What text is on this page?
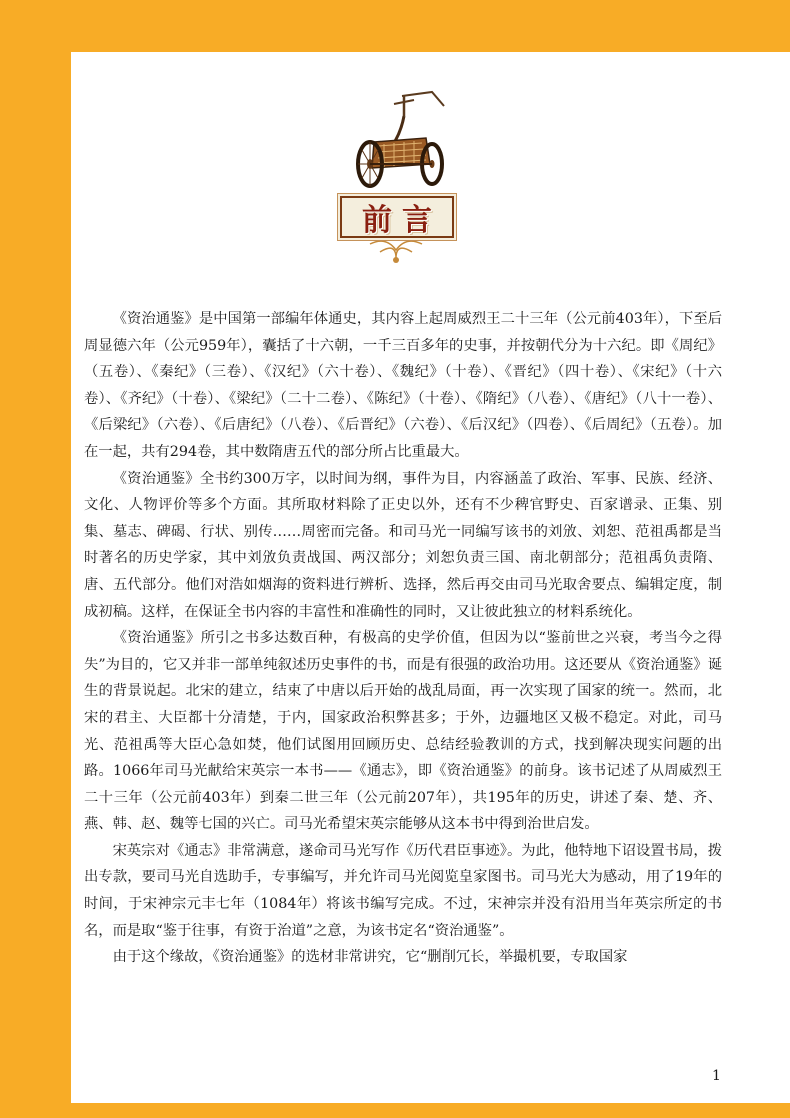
前言

《资治通鉴》是中国第一部编年体通史，其内容上起周威烈王二十三年（公元前403年），下至后周显德六年（公元959年），囊括了十六朝，一千三百多年的史事，并按朝代分为十六纪。即《周纪》（五卷）、《秦纪》（三卷）、《汉纪》（六十卷）、《魏纪》（十卷）、《晋纪》（四十卷）、《宋纪》（十六卷）、《齐纪》（十卷）、《梁纪》（二十二卷）、《陈纪》（十卷）、《隋纪》（八卷）、《唐纪》（八十一卷）、《后梁纪》（六卷）、《后唐纪》（八卷）、《后晋纪》（六卷）、《后汉纪》（四卷）、《后周纪》（五卷）。加在一起，共有294卷，其中数隋唐五代的部分所占比重最大。

《资治通鉴》全书约300万字，以时间为纲，事件为目，内容涵盖了政治、军事、民族、经济、文化、人物评价等多个方面。其所取材料除了正史以外，还有不少稗官野史、百家谱录、正集、别集、墓志、碑碣、行状、别传……周密而完备。和司马光一同编写该书的刘攽、刘恕、范祖禹都是当时著名的历史学家，其中刘攽负责战国、两汉部分；刘恕负责三国、南北朝部分；范祖禹负责隋、唐、五代部分。他们对浩如烟海的资料进行辨析、选择，然后再交由司马光取舍要点、编辑定度，制成初稿。这样，在保证全书内容的丰富性和准确性的同时，又让彼此独立的材料系统化。

《资治通鉴》所引之书多达数百种，有极高的史学价值，但因为以“鉴前世之兴衰，考当今之得失”为目的，它又并非一部单纯叙述历史事件的书，而是有很强的政治功用。这还要从《资治通鉴》诞生的背景说起。北宋的建立，结束了中唐以后开始的战乱局面，再一次实现了国家的统一。然而，北宋的君主、大臣都十分清楚，于内，国家政治积弊甚多；于外，边疆地区又极不稳定。对此，司马光、范祖禹等大臣心急如焚，他们试图用回顾历史、总结经验教训的方式，找到解决现实问题的出路。1066年司马光献给宋英宗一本书——《通志》，即《资治通鉴》的前身。该书记述了从周威烈王二十三年（公元前403年）到秦二世三年（公元前207年），共195年的历史，讲述了秦、楚、齐、燕、韩、赵、魏等七国的兴亡。司马光希望宋英宗能够从这本书中得到治世启发。

宋英宗对《通志》非常满意，遂命司马光写作《历代君臣事迹》。为此，他特地下诏设置书局，拨出专款，要司马光自选助手，专事编写，并允许司马光阅览皇家图书。司马光大为感动，用了19年的时间，于宋神宗元丰七年（1084年）将该书编写完成。不过，宋神宗并没有沿用当年英宗所定的书名，而是取“鉴于往事，有资于治道”之意，为该书定名“资治通鉴”。

由于这个缘故，《资治通鉴》的选材非常讲究，它“删削冗长，举撮机要，专取国家

1
